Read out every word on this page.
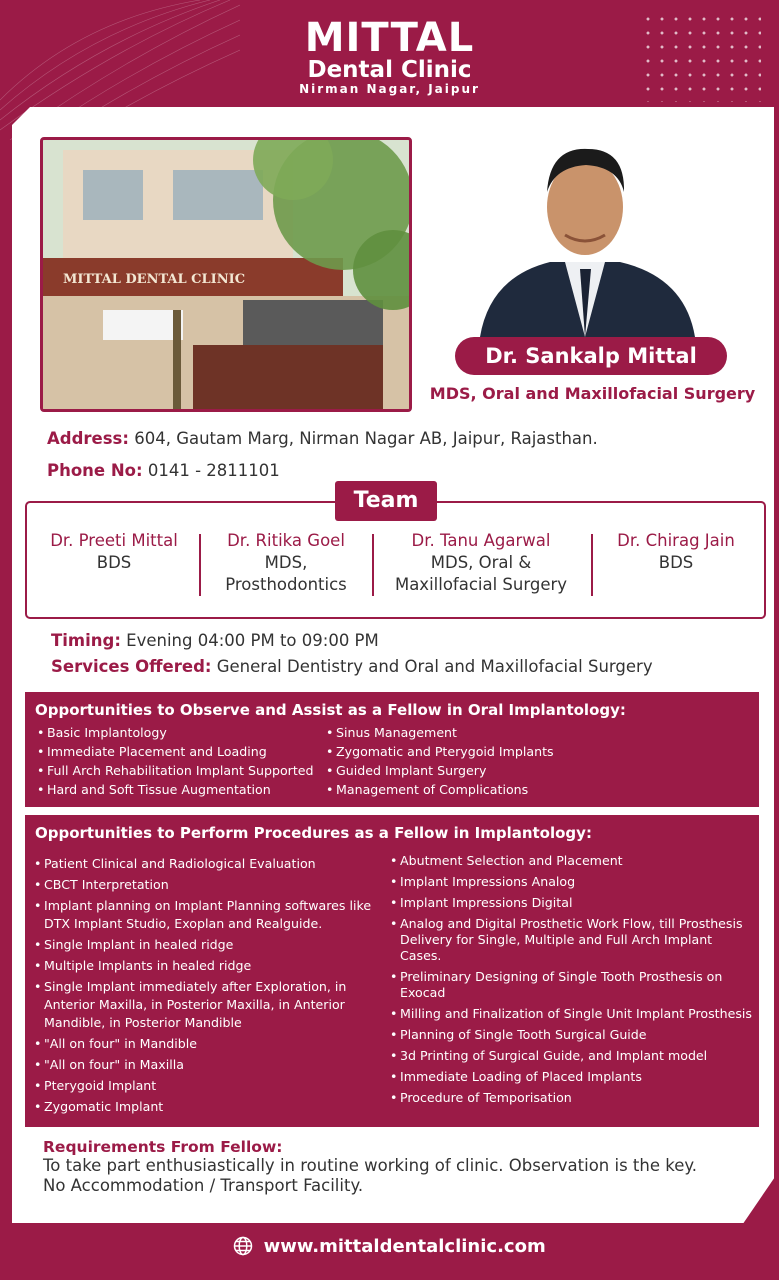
MITTAL
Dental Clinic
Nirman Nagar, Jaipur
MITTAL DENTAL CLINIC
Dr. Sankalp Mittal
MDS, Oral and Maxillofacial Surgery
Address: 604, Gautam Marg, Nirman Nagar AB, Jaipur, Rajasthan.
Phone No: 0141 - 2811101
Team
Dr. Preeti Mittal
BDS
Dr. Ritika Goel
MDS,
Prosthodontics
Dr. Tanu Agarwal
MDS, Oral &
Maxillofacial Surgery
Dr. Chirag Jain
BDS
Timing: Evening 04:00 PM to 09:00 PM
Services Offered: General Dentistry and Oral and Maxillofacial Surgery
Opportunities to Observe and Assist as a Fellow in Oral Implantology:
• Basic Implantology
• Immediate Placement and Loading
• Full Arch Rehabilitation Implant Supported
• Hard and Soft Tissue Augmentation
• Sinus Management
• Zygomatic and Pterygoid Implants
• Guided Implant Surgery
• Management of Complications
Opportunities to Perform Procedures as a Fellow in Implantology:
• Patient Clinical and Radiological Evaluation
• CBCT Interpretation
• Implant planning on Implant Planning softwares like DTX Implant Studio, Exoplan and Realguide.
• Single Implant in healed ridge
• Multiple Implants in healed ridge
• Single Implant immediately after Exploration, in Anterior Maxilla, in Posterior Maxilla, in Anterior Mandible, in Posterior Mandible
• "All on four" in Mandible
• "All on four" in Maxilla
• Pterygoid Implant
• Zygomatic Implant
• Abutment Selection and Placement
• Implant Impressions Analog
• Implant Impressions Digital
• Analog and Digital Prosthetic Work Flow, till Prosthesis Delivery for Single, Multiple and Full Arch Implant Cases.
• Preliminary Designing of Single Tooth Prosthesis on Exocad
• Milling and Finalization of Single Unit Implant Prosthesis
• Planning of Single Tooth Surgical Guide
• 3d Printing of Surgical Guide, and Implant model
• Immediate Loading of Placed Implants
• Procedure of Temporisation
Requirements From Fellow:

To take part enthusiastically in routine working of clinic. Observation is the key.

No Accommodation / Transport Facility.

www.mittaldentalclinic.com
